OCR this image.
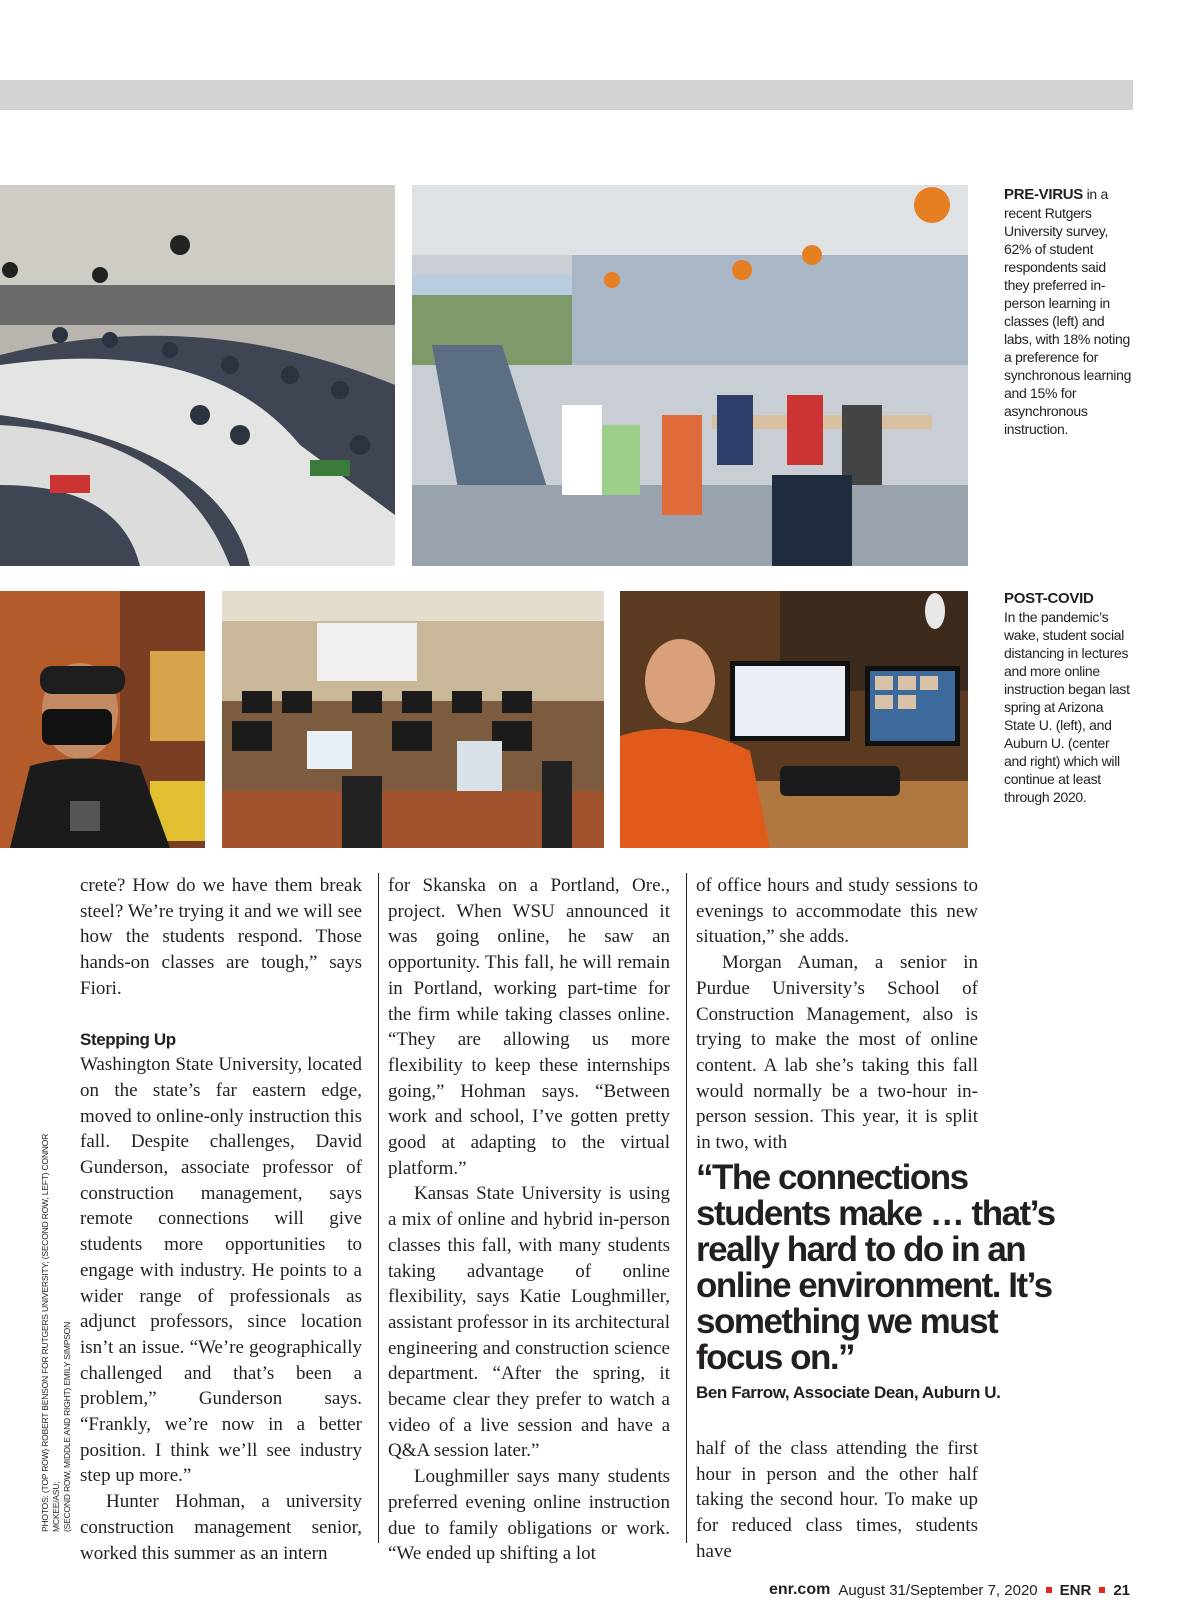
PRE-VIRUS in a recent Rutgers University survey, 62% of student respondents said they preferred in-person learning in classes (left) and labs, with 18% noting a preference for synchronous learning and 15% for asynchronous instruction.
POST-COVID
In the pandemic’s wake, student social distancing in lectures and more online instruction began last spring at Arizona State U. (left), and Auburn U. (center and right) which will continue at least through 2020.

crete? How do we have them break steel? We’re trying it and we will see how the students respond. Those hands-on classes are tough,” says Fiori.

Stepping Up

Washington State University, located on the state’s far eastern edge, moved to online-only instruction this fall. Despite challenges, David Gunderson, associate professor of construction management, says remote connections will give students more opportunities to engage with industry. He points to a wider range of professionals as adjunct professors, since location isn’t an issue. “We’re geographically challenged and that’s been a problem,” Gunderson says. “Frankly, we’re now in a better position. I think we’ll see industry step up more.”

Hunter Hohman, a university construction management senior, worked this summer as an intern

for Skanska on a Portland, Ore., project. When WSU announced it was going online, he saw an opportunity. This fall, he will remain in Portland, working part-time for the firm while taking classes online. “They are allowing us more flexibility to keep these internships going,” Hohman says. “Between work and school, I’ve gotten pretty good at adapting to the virtual platform.”

Kansas State University is using a mix of online and hybrid in-person classes this fall, with many students taking advantage of online flexibility, says Katie Loughmiller, assistant professor in its architectural engineering and construction science department. “After the spring, it became clear they prefer to watch a video of a live session and have a Q&A session later.”

Loughmiller says many students preferred evening online instruction due to family obligations or work. “We ended up shifting a lot

of office hours and study sessions to evenings to accommodate this new situation,” she adds.

Morgan Auman, a senior in Purdue University’s School of Construction Management, also is trying to make the most of online content. A lab she’s taking this fall would normally be a two-hour in-person session. This year, it is split in two, with

“The connections students make … that’s really hard to do in an online environment. It’s something we must focus on.”
Ben Farrow, Associate Dean, Auburn U.

half of the class attending the first hour in person and the other half taking the second hour. To make up for reduced class times, students have

PHOTOS: (TOP ROW) ROBERT BENSON FOR RUTGERS UNIVERSITY; (SECOND ROW, LEFT) CONNOR MCKEE/ASU; (SECOND ROW, MIDDLE AND RIGHT) EMILY SIMPSON
enr.com August 31/September 7, 2020 ENR 21
